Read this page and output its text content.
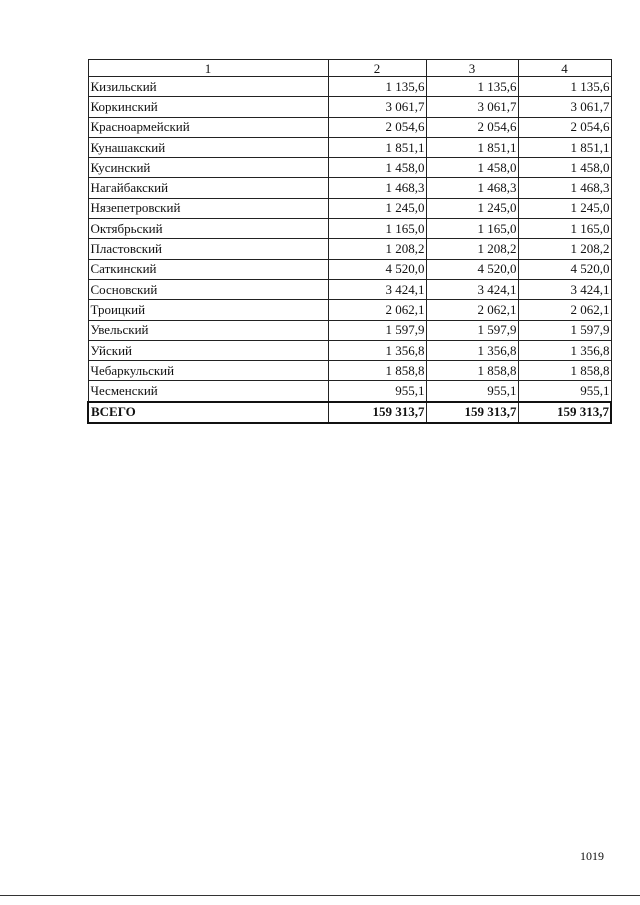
1	2	3	4
Кизильский	1 135,6	1 135,6	1 135,6
Коркинский	3 061,7	3 061,7	3 061,7
Красноармейский	2 054,6	2 054,6	2 054,6
Кунашакский	1 851,1	1 851,1	1 851,1
Кусинский	1 458,0	1 458,0	1 458,0
Нагайбакский	1 468,3	1 468,3	1 468,3
Нязепетровский	1 245,0	1 245,0	1 245,0
Октябрьский	1 165,0	1 165,0	1 165,0
Пластовский	1 208,2	1 208,2	1 208,2
Саткинский	4 520,0	4 520,0	4 520,0
Сосновский	3 424,1	3 424,1	3 424,1
Троицкий	2 062,1	2 062,1	2 062,1
Увельский	1 597,9	1 597,9	1 597,9
Уйский	1 356,8	1 356,8	1 356,8
Чебаркульский	1 858,8	1 858,8	1 858,8
Чесменский	955,1	955,1	955,1
ВСЕГО	159 313,7	159 313,7	159 313,7
1019
